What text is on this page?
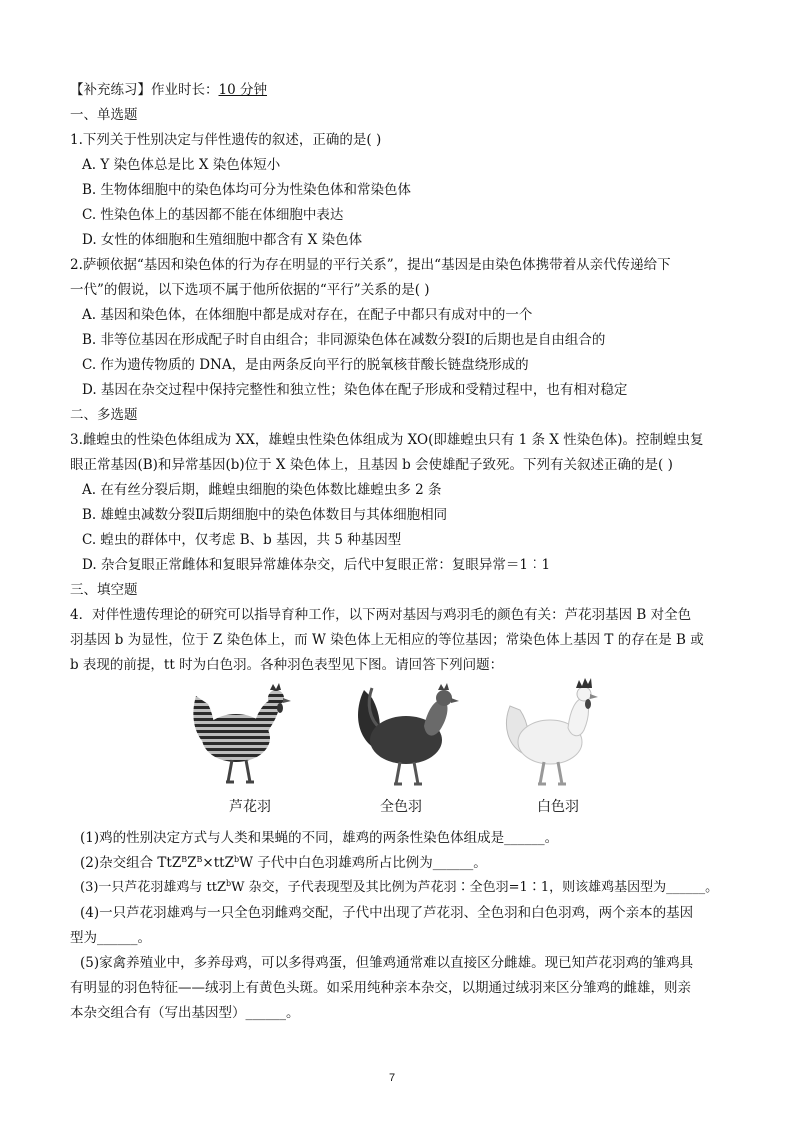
【补充练习】作业时长：10 分钟
一、单选题
1.下列关于性别决定与伴性遗传的叙述，正确的是( )
A. Y 染色体总是比 X 染色体短小
B. 生物体细胞中的染色体均可分为性染色体和常染色体
C. 性染色体上的基因都不能在体细胞中表达
D. 女性的体细胞和生殖细胞中都含有 X 染色体
2.萨顿依据“基因和染色体的行为存在明显的平行关系”，提出“基因是由染色体携带着从亲代传递给下
一代”的假说，以下选项不属于他所依据的“平行”关系的是( )
A. 基因和染色体，在体细胞中都是成对存在，在配子中都只有成对中的一个
B. 非等位基因在形成配子时自由组合；非同源染色体在减数分裂Ⅰ的后期也是自由组合的
C. 作为遗传物质的 DNA，是由两条反向平行的脱氧核苷酸长链盘绕形成的
D. 基因在杂交过程中保持完整性和独立性；染色体在配子形成和受精过程中，也有相对稳定
二、多选题
3.雌蝗虫的性染色体组成为 XX，雄蝗虫性染色体组成为 XO(即雄蝗虫只有 1 条 X 性染色体)。控制蝗虫复
眼正常基因(B)和异常基因(b)位于 X 染色体上，且基因 b 会使雄配子致死。下列有关叙述正确的是( )
A. 在有丝分裂后期，雌蝗虫细胞的染色体数比雄蝗虫多 2 条
B. 雄蝗虫减数分裂Ⅱ后期细胞中的染色体数目与其体细胞相同
C. 蝗虫的群体中，仅考虑 B、b 基因，共 5 种基因型
D. 杂合复眼正常雌体和复眼异常雄体杂交，后代中复眼正常：复眼异常＝1︰1
三、填空题
4．对伴性遗传理论的研究可以指导育种工作，以下两对基因与鸡羽毛的颜色有关：芦花羽基因 B 对全色
羽基因 b 为显性，位于 Z 染色体上，而 W 染色体上无相应的等位基因；常染色体上基因 T 的存在是 B 或
b 表现的前提，tt 时为白色羽。各种羽色表型见下图。请回答下列问题：
芦花羽	全色羽	白色羽
(1)鸡的性别决定方式与人类和果蝇的不同，雄鸡的两条性染色体组成是______。
(2)杂交组合 $TtZ^BZ^B\times ttZ^bW$ 子代中白色羽雄鸡所占比例为______。
(3)一只芦花羽雄鸡与 ttZ$^b$W 杂交，子代表现型及其比例为芦花羽∶全色羽=1∶1，则该雄鸡基因型为______。
(4)一只芦花羽雄鸡与一只全色羽雌鸡交配，子代中出现了芦花羽、全色羽和白色羽鸡，两个亲本的基因
型为______。
(5)家禽养殖业中，多养母鸡，可以多得鸡蛋，但雏鸡通常难以直接区分雌雄。现已知芦花羽鸡的雏鸡具
有明显的羽色特征——绒羽上有黄色头斑。如采用纯种亲本杂交，以期通过绒羽来区分雏鸡的雌雄，则亲
本杂交组合有（写出基因型）______。
7
